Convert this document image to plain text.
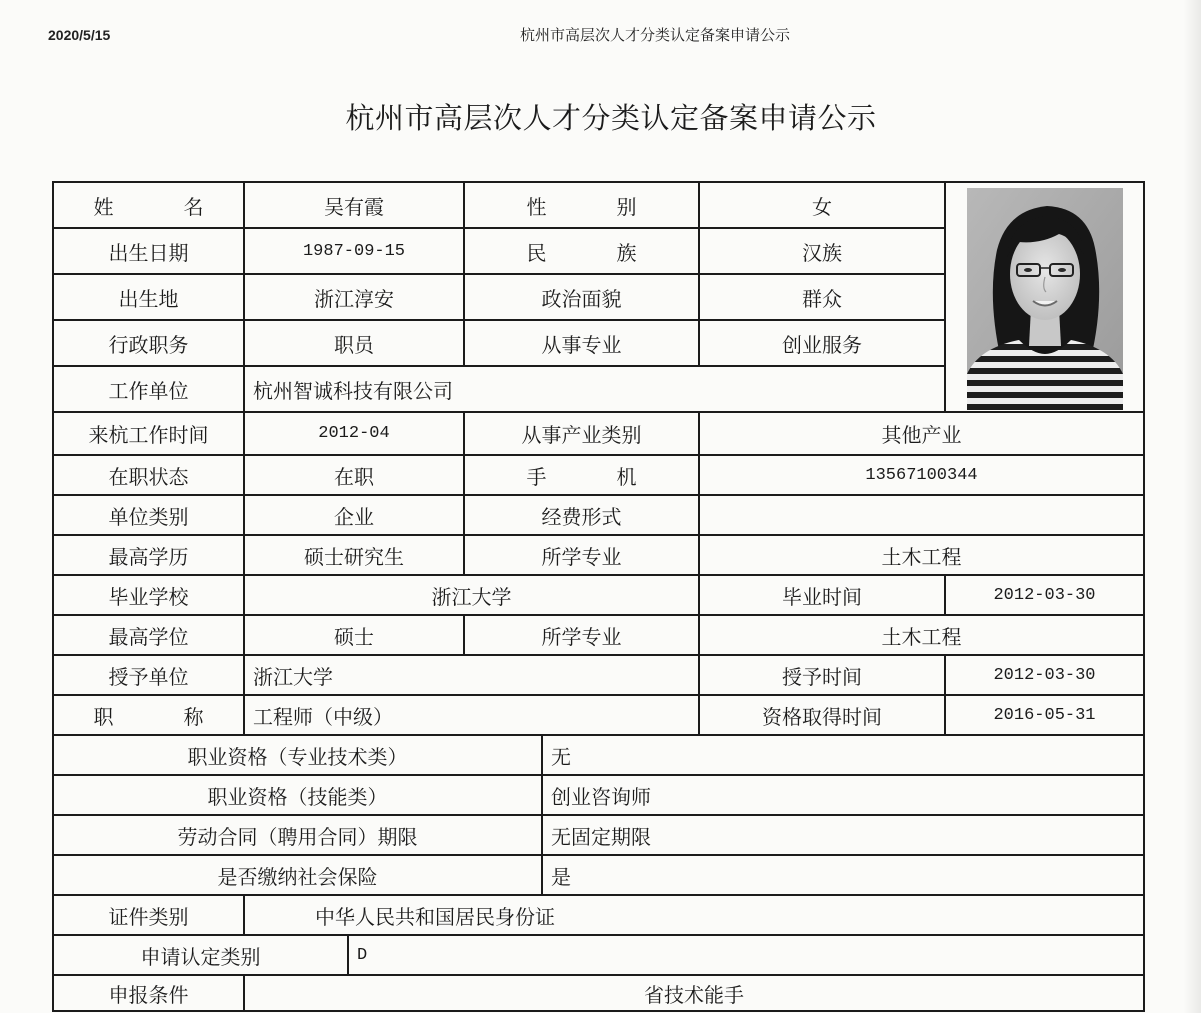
2020/5/15	杭州市高层次人才分类认定备案申请公示
杭州市高层次人才分类认定备案申请公示
姓名	吴有霞	性别	女
出生日期	1987-09-15	民族	汉族
出生地	浙江淳安	政治面貌	群众
行政职务	职员	从事专业	创业服务
工作单位	杭州智诚科技有限公司
来杭工作时间	2012-04	从事产业类别	其他产业
在职状态	在职	手机	13567100344
单位类别	企业	经费形式
最高学历	硕士研究生	所学专业	土木工程
毕业学校	浙江大学	毕业时间	2012-03-30
最高学位	硕士	所学专业	土木工程
授予单位	浙江大学	授予时间	2012-03-30
职称	工程师（中级）	资格取得时间	2016-05-31
职业资格（专业技术类）	无
职业资格（技能类）	创业咨询师
劳动合同（聘用合同）期限	无固定期限
是否缴纳社会保险	是
证件类别	中华人民共和国居民身份证
申请认定类别	D
申报条件	省技术能手
